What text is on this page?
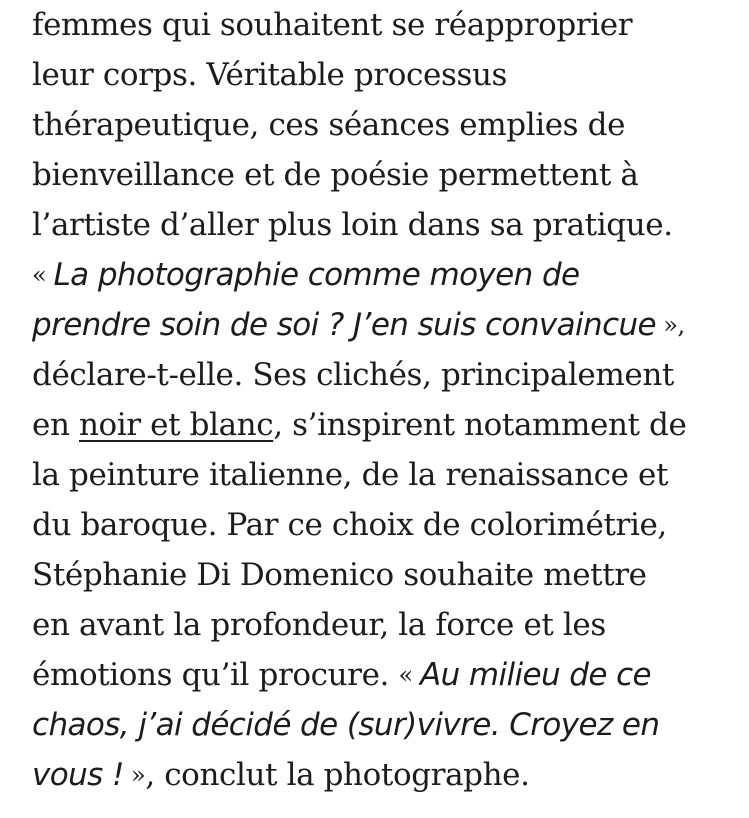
femmes qui souhaitent se réapproprier
leur corps. Véritable processus
thérapeutique, ces séances emplies de
bienveillance et de poésie permettent à
l’artiste d’aller plus loin dans sa pratique.
« La photographie comme moyen de
prendre soin de soi ? J’en suis convaincue »,
déclare-t-elle. Ses clichés, principalement
en noir et blanc, s’inspirent notamment de
la peinture italienne, de la renaissance et
du baroque. Par ce choix de colorimétrie,
Stéphanie Di Domenico souhaite mettre
en avant la profondeur, la force et les
émotions qu’il procure. « Au milieu de ce
chaos, j’ai décidé de (sur)vivre. Croyez en
vous ! », conclut la photographe.
